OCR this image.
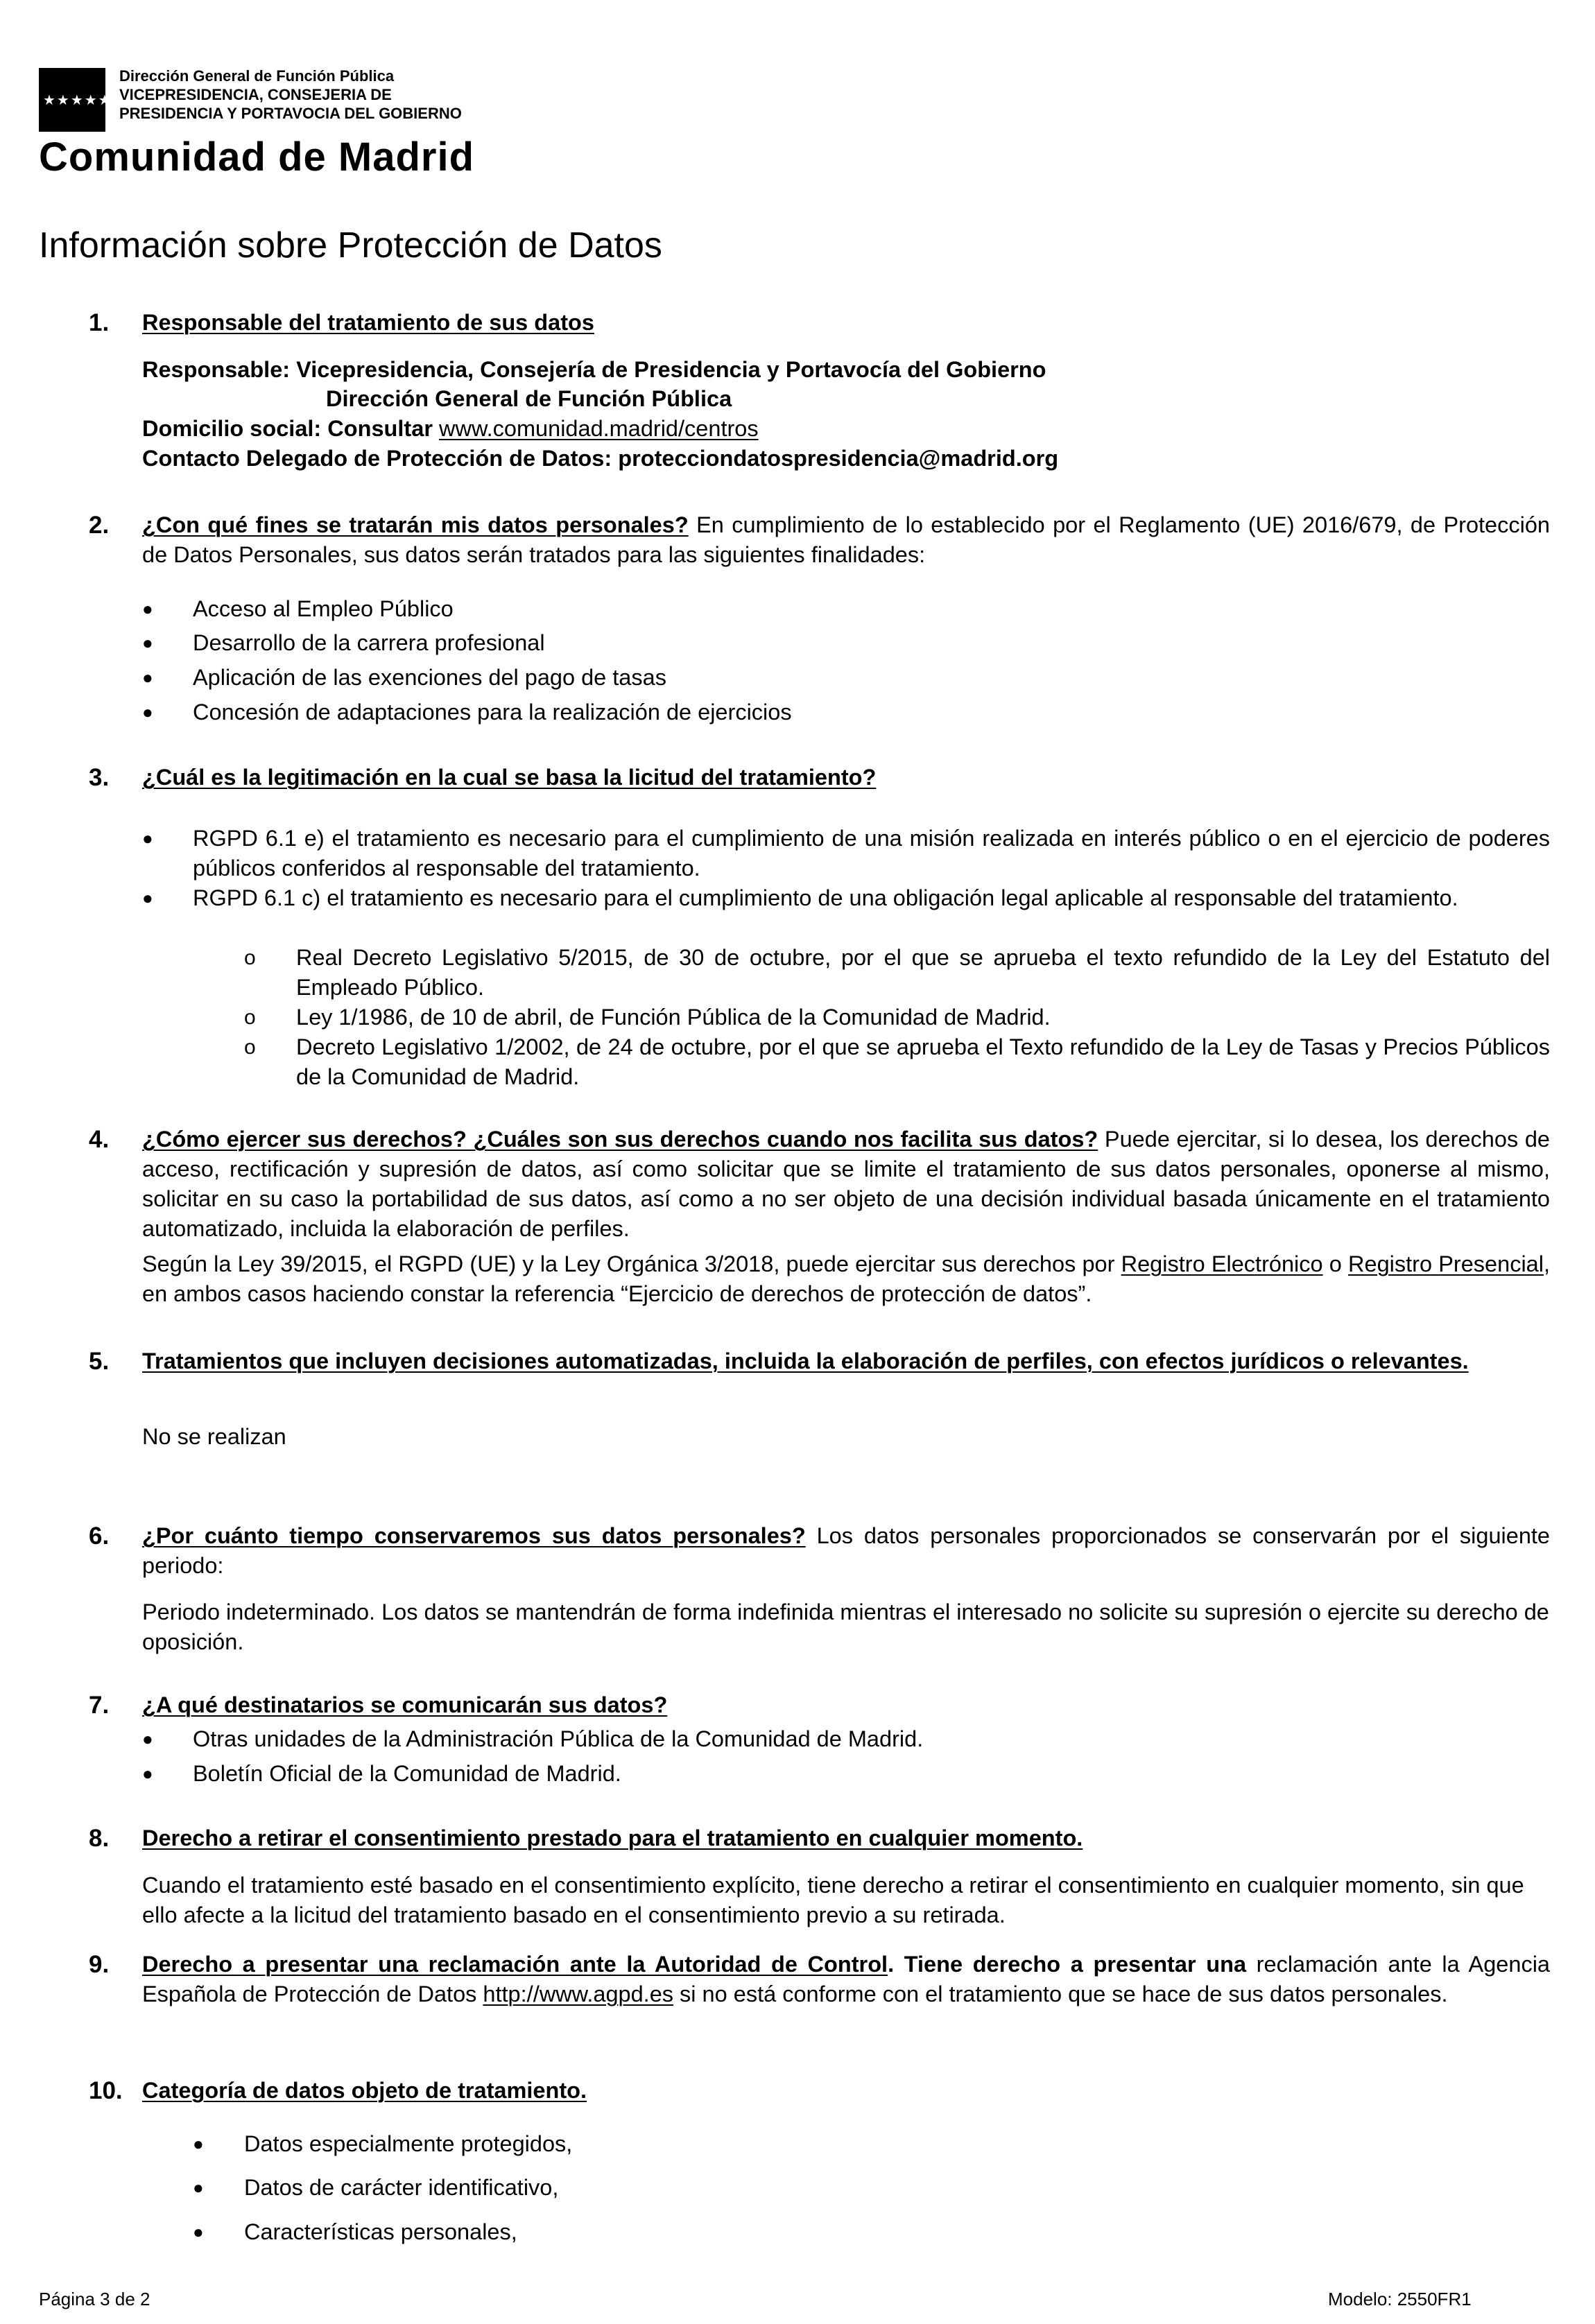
★★★★★★★
Dirección General de Función Pública
VICEPRESIDENCIA, CONSEJERIA DE
PRESIDENCIA Y PORTAVOCIA DEL GOBIERNO
Comunidad de Madrid
Información sobre Protección de Datos
1. Responsable del tratamiento de sus datos
Responsable: Vicepresidencia, Consejería de Presidencia y Portavocía del Gobierno
Dirección General de Función Pública
Domicilio social: Consultar www.comunidad.madrid/centros
Contacto Delegado de Protección de Datos: protecciondatospresidencia@madrid.org
2. ¿Con qué fines se tratarán mis datos personales? En cumplimiento de lo establecido por el Reglamento (UE) 2016/679, de Protección de Datos Personales, sus datos serán tratados para las siguientes finalidades:
● Acceso al Empleo Público
● Desarrollo de la carrera profesional
● Aplicación de las exenciones del pago de tasas
● Concesión de adaptaciones para la realización de ejercicios
3. ¿Cuál es la legitimación en la cual se basa la licitud del tratamiento?
● RGPD 6.1 e) el tratamiento es necesario para el cumplimiento de una misión realizada en interés público o en el ejercicio de poderes públicos conferidos al responsable del tratamiento.
● RGPD 6.1 c) el tratamiento es necesario para el cumplimiento de una obligación legal aplicable al responsable del tratamiento.
o Real Decreto Legislativo 5/2015, de 30 de octubre, por el que se aprueba el texto refundido de la Ley del Estatuto del Empleado Público.
o Ley 1/1986, de 10 de abril, de Función Pública de la Comunidad de Madrid.
o Decreto Legislativo 1/2002, de 24 de octubre, por el que se aprueba el Texto refundido de la Ley de Tasas y Precios Públicos de la Comunidad de Madrid.
4. ¿Cómo ejercer sus derechos? ¿Cuáles son sus derechos cuando nos facilita sus datos? Puede ejercitar, si lo desea, los derechos de acceso, rectificación y supresión de datos, así como solicitar que se limite el tratamiento de sus datos personales, oponerse al mismo, solicitar en su caso la portabilidad de sus datos, así como a no ser objeto de una decisión individual basada únicamente en el tratamiento automatizado, incluida la elaboración de perfiles.
Según la Ley 39/2015, el RGPD (UE) y la Ley Orgánica 3/2018, puede ejercitar sus derechos por Registro Electrónico o Registro Presencial, en ambos casos haciendo constar la referencia “Ejercicio de derechos de protección de datos”.
5. Tratamientos que incluyen decisiones automatizadas, incluida la elaboración de perfiles, con efectos jurídicos o relevantes.
No se realizan
6. ¿Por cuánto tiempo conservaremos sus datos personales? Los datos personales proporcionados se conservarán por el siguiente periodo:
Periodo indeterminado. Los datos se mantendrán de forma indefinida mientras el interesado no solicite su supresión o ejercite su derecho de oposición.
7. ¿A qué destinatarios se comunicarán sus datos?
● Otras unidades de la Administración Pública de la Comunidad de Madrid.
● Boletín Oficial de la Comunidad de Madrid.
8. Derecho a retirar el consentimiento prestado para el tratamiento en cualquier momento.
Cuando el tratamiento esté basado en el consentimiento explícito, tiene derecho a retirar el consentimiento en cualquier momento, sin que ello afecte a la licitud del tratamiento basado en el consentimiento previo a su retirada.
9. Derecho a presentar una reclamación ante la Autoridad de Control. Tiene derecho a presentar una reclamación ante la Agencia Española de Protección de Datos http://www.agpd.es si no está conforme con el tratamiento que se hace de sus datos personales.
10. Categoría de datos objeto de tratamiento.
● Datos especialmente protegidos,
● Datos de carácter identificativo,
● Características personales,
Página 3 de 2	Modelo: 2550FR1
